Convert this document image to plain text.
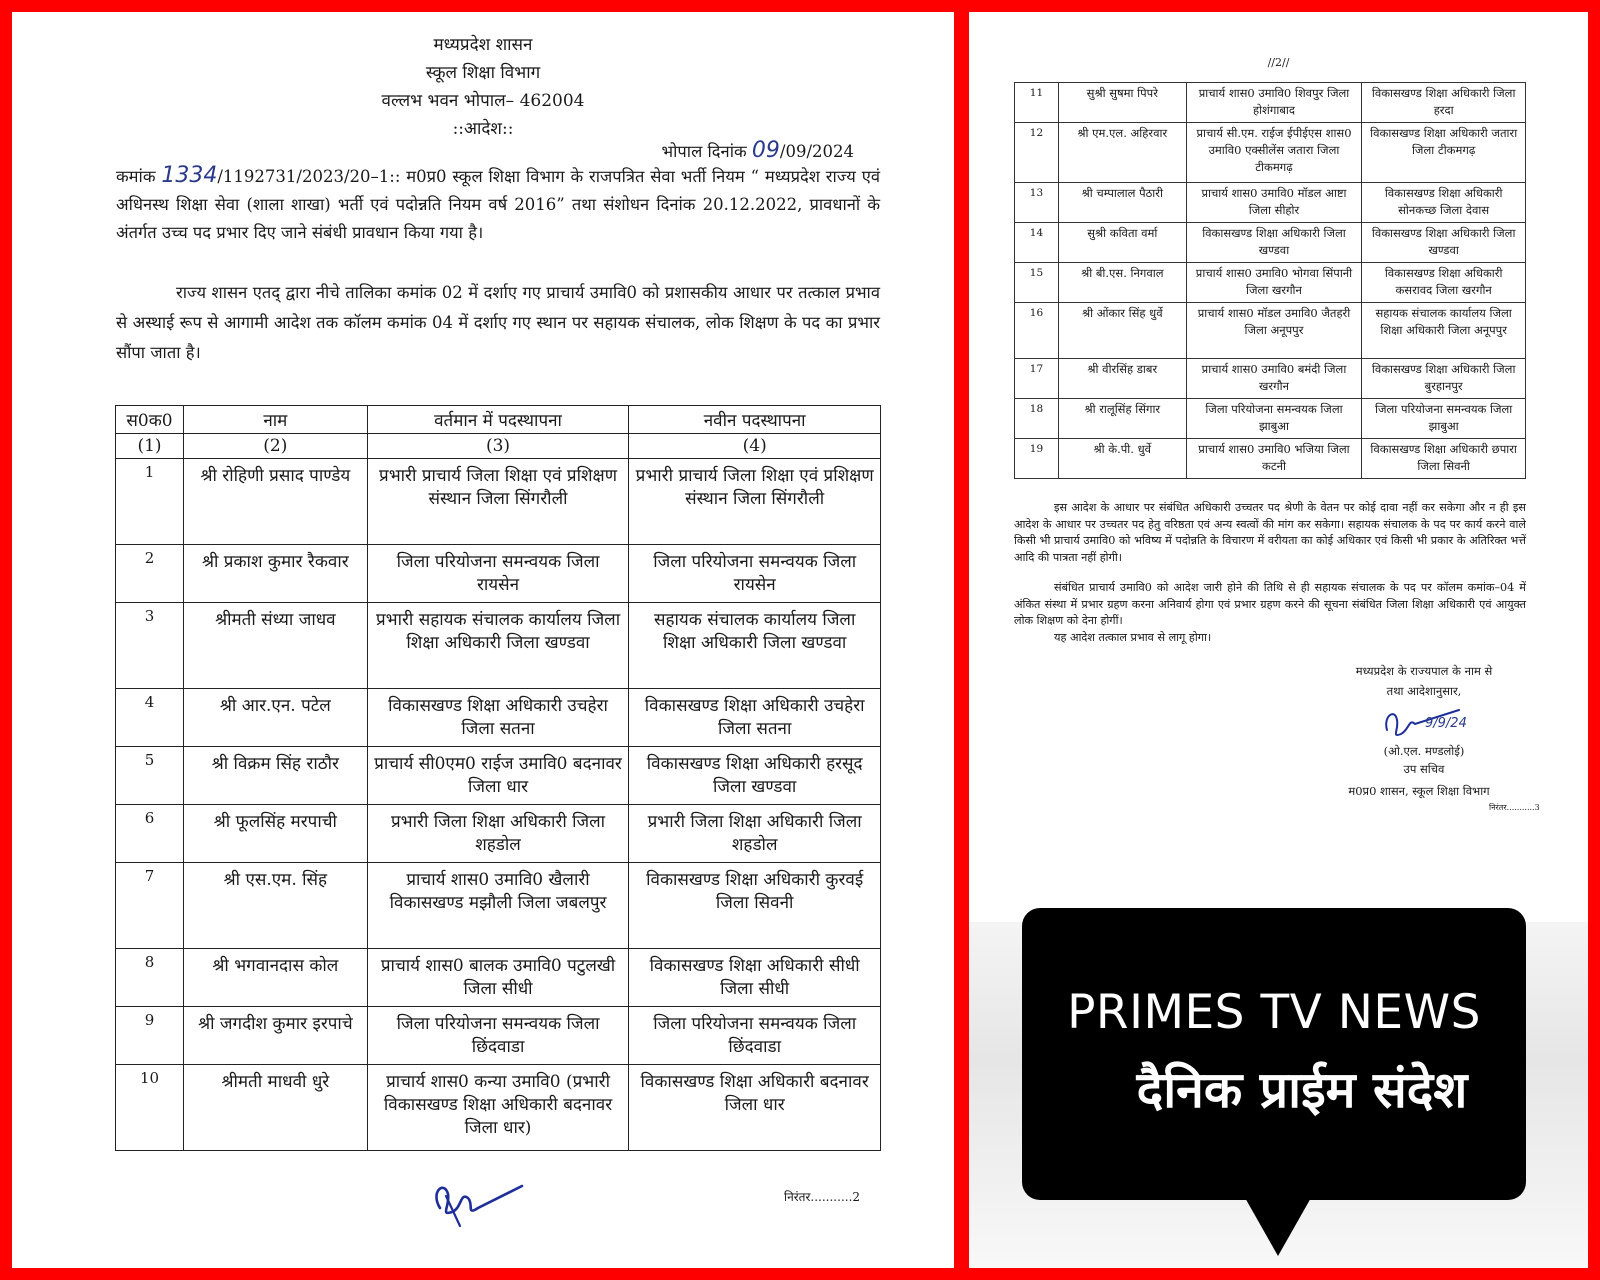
मध्यप्रदेश शासन
स्कूल शिक्षा विभाग
वल्लभ भवन भोपाल– 462004
::आदेश::
भोपाल दिनांक 09/09/2024
कमांक 1334/1192731/2023/20–1:: म0प्र0 स्कूल शिक्षा विभाग के राजपत्रित सेवा भर्ती नियम “ मध्यप्रदेश राज्य एवं अधिनस्थ शिक्षा सेवा (शाला शाखा) भर्ती एवं पदोन्नति नियम वर्ष 2016” तथा संशोधन दिनांक 20.12.2022, प्रावधानों के अंतर्गत उच्च पद प्रभार दिए जाने संबंधी प्रावधान किया गया है।
राज्य शासन एतद् द्वारा नीचे तालिका कमांक 02 में दर्शाए गए प्राचार्य उमावि0 को प्रशासकीय आधार पर तत्काल प्रभाव से अस्थाई रूप से आगामी आदेश तक कॉलम कमांक 04 में दर्शाए गए स्थान पर सहायक संचालक, लोक शिक्षण के पद का प्रभार सौंपा जाता है।
स0क0	नाम	वर्तमान में पदस्थापना	नवीन पदस्थापना
(1)	(2)	(3)	(4)
1	श्री रोहिणी प्रसाद पाण्डेय	प्रभारी प्राचार्य जिला शिक्षा एवं प्रशिक्षण संस्थान जिला सिंगरौली	प्रभारी प्राचार्य जिला शिक्षा एवं प्रशिक्षण संस्थान जिला सिंगरौली
2	श्री प्रकाश कुमार रैकवार	जिला परियोजना समन्वयक जिला रायसेन	जिला परियोजना समन्वयक जिला रायसेन
3	श्रीमती संध्या जाधव	प्रभारी सहायक संचालक कार्यालय जिला शिक्षा अधिकारी जिला खण्डवा	सहायक संचालक कार्यालय जिला शिक्षा अधिकारी जिला खण्डवा
4	श्री आर.एन. पटेल	विकासखण्ड शिक्षा अधिकारी उचहेरा जिला सतना	विकासखण्ड शिक्षा अधिकारी उचहेरा जिला सतना
5	श्री विक्रम सिंह राठौर	प्राचार्य सी0एम0 राईज उमावि0 बदनावर जिला धार	विकासखण्ड शिक्षा अधिकारी हरसूद जिला खण्डवा
6	श्री फूलसिंह मरपाची	प्रभारी जिला शिक्षा अधिकारी जिला शहडोल	प्रभारी जिला शिक्षा अधिकारी जिला शहडोल
7	श्री एस.एम. सिंह	प्राचार्य शास0 उमावि0 खैलारी विकासखण्ड मझौली जिला जबलपुर	विकासखण्ड शिक्षा अधिकारी कुरवई जिला सिवनी
8	श्री भगवानदास कोल	प्राचार्य शास0 बालक उमावि0 पटुलखी जिला सीधी	विकासखण्ड शिक्षा अधिकारी सीधी जिला सीधी
9	श्री जगदीश कुमार इरपाचे	जिला परियोजना समन्वयक जिला छिंदवाडा	जिला परियोजना समन्वयक जिला छिंदवाडा
10	श्रीमती माधवी धुरे	प्राचार्य शास0 कन्या उमावि0 (प्रभारी विकासखण्ड शिक्षा अधिकारी बदनावर जिला धार)	विकासखण्ड शिक्षा अधिकारी बदनावर जिला धार
निरंतर...........2
//2//
11	सुश्री सुषमा पिपरे	प्राचार्य शास0 उमावि0 शिवपुर जिला होशंगाबाद	विकासखण्ड शिक्षा अधिकारी जिला हरदा
12	श्री एम.एल. अहिरवार	प्राचार्य सी.एम. राईज ईपीईएस शास0 उमावि0 एक्सीलेंस जतारा जिला टीकमगढ़	विकासखण्ड शिक्षा अधिकारी जतारा जिला टीकमगढ़
13	श्री चम्पालाल पैठारी	प्राचार्य शास0 उमावि0 मॉडल आष्टा जिला सीहोर	विकासखण्ड शिक्षा अधिकारी सोनकच्छ जिला देवास
14	सुश्री कविता वर्मा	विकासखण्ड शिक्षा अधिकारी जिला खण्डवा	विकासखण्ड शिक्षा अधिकारी जिला खण्डवा
15	श्री बी.एस. निगवाल	प्राचार्य शास0 उमावि0 भोगवा सिंपानी जिला खरगौन	विकासखण्ड शिक्षा अधिकारी कसरावद जिला खरगौन
16	श्री ओंकार सिंह धुर्वे	प्राचार्य शास0 मॉडल उमावि0 जैतहरी जिला अनूपपुर	सहायक संचालक कार्यालय जिला शिक्षा अधिकारी जिला अनूपपुर
17	श्री वीरसिंह डाबर	प्राचार्य शास0 उमावि0 बमंदी जिला खरगौन	विकासखण्ड शिक्षा अधिकारी जिला बुरहानपुर
18	श्री रालूसिंह सिंगार	जिला परियोजना समन्वयक जिला झाबुआ	जिला परियोजना समन्वयक जिला झाबुआ
19	श्री के.पी. धुर्वे	प्राचार्य शास0 उमावि0 भजिया जिला कटनी	विकासखण्ड शिक्षा अधिकारी छपारा जिला सिवनी
इस आदेश के आधार पर संबंधित अधिकारी उच्चतर पद श्रेणी के वेतन पर कोई दावा नहीं कर सकेगा और न ही इस आदेश के आधार पर उच्चतर पद हेतु वरिष्ठता एवं अन्य स्वत्वों की मांग कर सकेगा। सहायक संचालक के पद पर कार्य करने वाले किसी भी प्राचार्य उमावि0 को भविष्य में पदोन्नति के विचारण में वरीयता का कोई अधिकार एवं किसी भी प्रकार के अतिरिक्त भत्तें आदि की पात्रता नहीं होगी।
संबंधित प्राचार्य उमावि0 को आदेश जारी होने की तिथि से ही सहायक संचालक के पद पर कॉलम कमांक–04 में अंकित संस्था में प्रभार ग्रहण करना अनिवार्य होगा एवं प्रभार ग्रहण करने की सूचना संबंधित जिला शिक्षा अधिकारी एवं आयुक्त लोक शिक्षण को देना होगीं।
यह आदेश तत्काल प्रभाव से लागू होगा।
मध्यप्रदेश के राज्यपाल के नाम से
तथा आदेशानुसार,
9/9/24
(ओ.एल. मण्डलोई)
उप सचिव
म0प्र0 शासन, स्कूल शिक्षा विभाग
निरंतर...........3
PRIMES TV NEWS
दैनिक प्राईम संदेश
